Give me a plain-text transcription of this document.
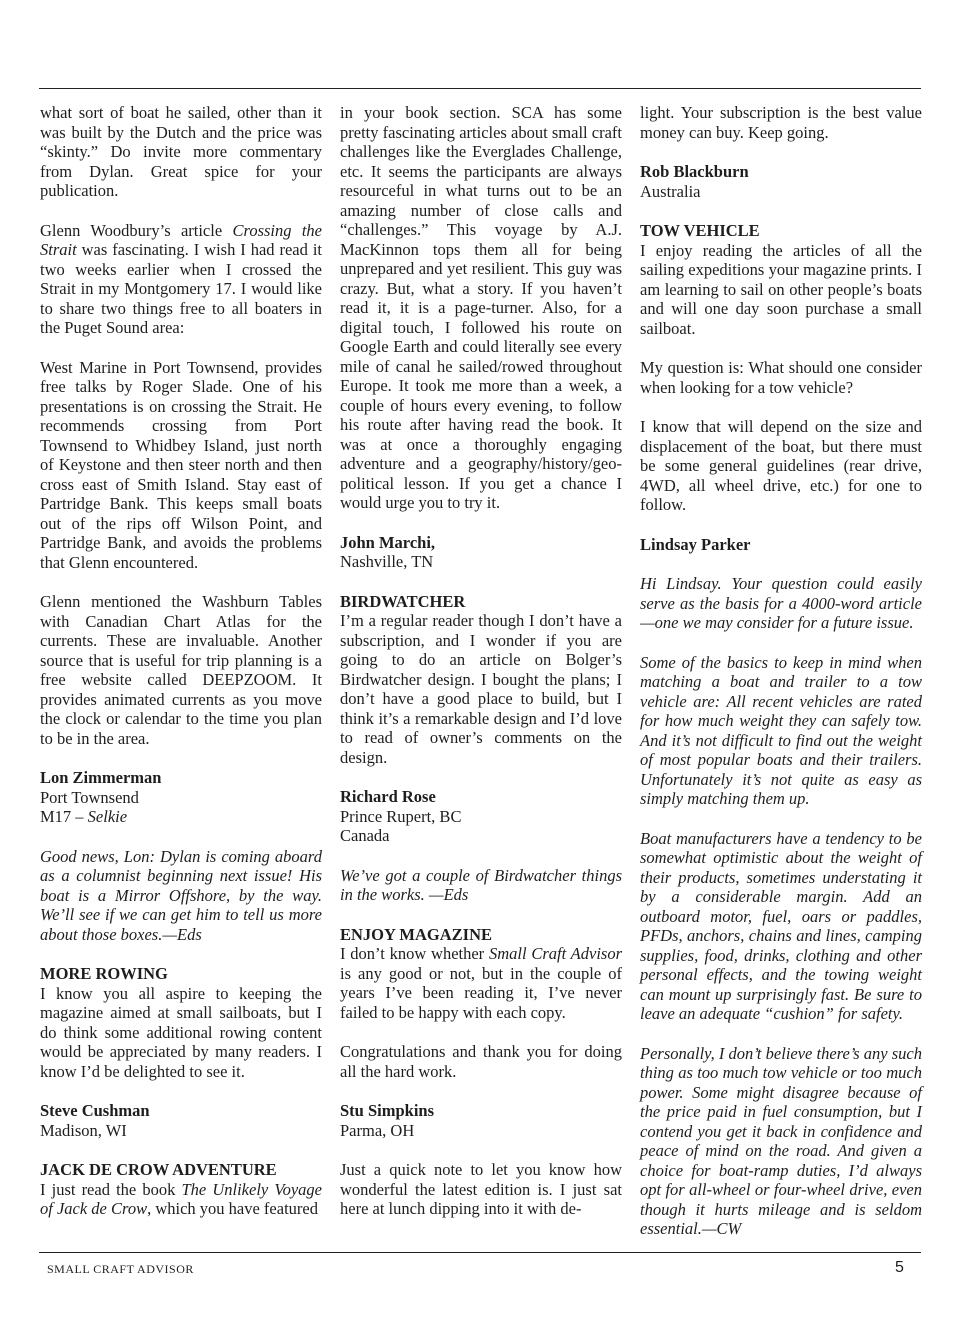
what sort of boat he sailed, other than it was built by the Dutch and the price was “skinty.” Do invite more commentary from Dylan. Great spice for your publication.

Glenn Woodbury’s article Crossing the Strait was fascinating. I wish I had read it two weeks earlier when I crossed the Strait in my Montgomery 17. I would like to share two things free to all boaters in the Puget Sound area:

West Marine in Port Townsend, provides free talks by Roger Slade. One of his presentations is on crossing the Strait. He recommends crossing from Port Townsend to Whidbey Island, just north of Keystone and then steer north and then cross east of Smith Island. Stay east of Partridge Bank. This keeps small boats out of the rips off Wilson Point, and Partridge Bank, and avoids the problems that Glenn encountered.

Glenn mentioned the Washburn Tables with Canadian Chart Atlas for the currents. These are invaluable. Another source that is useful for trip planning is a free website called DEEPZOOM. It provides animated currents as you move the clock or calendar to the time you plan to be in the area.

Lon Zimmerman
Port Townsend
M17 – Selkie

Good news, Lon: Dylan is coming aboard as a columnist beginning next issue! His boat is a Mirror Offshore, by the way. We’ll see if we can get him to tell us more about those boxes.—Eds

MORE ROWING
I know you all aspire to keeping the magazine aimed at small sailboats, but I do think some additional rowing content would be appreciated by many readers. I know I’d be delighted to see it.

Steve Cushman
Madison, WI

JACK DE CROW ADVENTURE
I just read the book The Unlikely Voyage of Jack de Crow, which you have featured

in your book section. SCA has some pretty fascinating articles about small craft challenges like the Everglades Challenge, etc. It seems the participants are always resourceful in what turns out to be an amazing number of close calls and “challenges.” This voyage by A.J. MacKinnon tops them all for being unprepared and yet resilient. This guy was crazy. But, what a story. If you haven’t read it, it is a page-turner. Also, for a digital touch, I followed his route on Google Earth and could literally see every mile of canal he sailed/rowed throughout Europe. It took me more than a week, a couple of hours every evening, to follow his route after having read the book. It was at once a thoroughly engaging adventure and a geography/history/geo-political lesson. If you get a chance I would urge you to try it.

John Marchi,
Nashville, TN

BIRDWATCHER
I’m a regular reader though I don’t have a subscription, and I wonder if you are going to do an article on Bolger’s Birdwatcher design. I bought the plans; I don’t have a good place to build, but I think it’s a remarkable design and I’d love to read of owner’s comments on the design.

Richard Rose
Prince Rupert, BC
Canada

We’ve got a couple of Birdwatcher things in the works. —Eds

ENJOY MAGAZINE
I don’t know whether Small Craft Advisor is any good or not, but in the couple of years I’ve been reading it, I’ve never failed to be happy with each copy.

Congratulations and thank you for doing all the hard work.

Stu Simpkins
Parma, OH

Just a quick note to let you know how wonderful the latest edition is. I just sat here at lunch dipping into it with de-

light. Your subscription is the best value money can buy. Keep going.

Rob Blackburn
Australia

TOW VEHICLE
I enjoy reading the articles of all the sailing expeditions your magazine prints. I am learning to sail on other people’s boats and will one day soon purchase a small sailboat.

My question is: What should one consider when looking for a tow vehicle?

I know that will depend on the size and displacement of the boat, but there must be some general guidelines (rear drive, 4WD, all wheel drive, etc.) for one to follow.

Lindsay Parker

Hi Lindsay. Your question could easily serve as the basis for a 4000-word article—one we may consider for a future issue.

Some of the basics to keep in mind when matching a boat and trailer to a tow vehicle are: All recent vehicles are rated for how much weight they can safely tow. And it’s not difficult to find out the weight of most popular boats and their trailers. Unfortunately it’s not quite as easy as simply matching them up.

Boat manufacturers have a tendency to be somewhat optimistic about the weight of their products, sometimes understating it by a considerable margin. Add an outboard motor, fuel, oars or paddles, PFDs, anchors, chains and lines, camping supplies, food, drinks, clothing and other personal effects, and the towing weight can mount up surprisingly fast. Be sure to leave an adequate “cushion” for safety.

Personally, I don’t believe there’s any such thing as too much tow vehicle or too much power. Some might disagree because of the price paid in fuel consumption, but I contend you get it back in confidence and peace of mind on the road. And given a choice for boat-ramp duties, I’d always opt for all-wheel or four-wheel drive, even though it hurts mileage and is seldom essential.—CW

SMALL CRAFT ADVISOR	5
